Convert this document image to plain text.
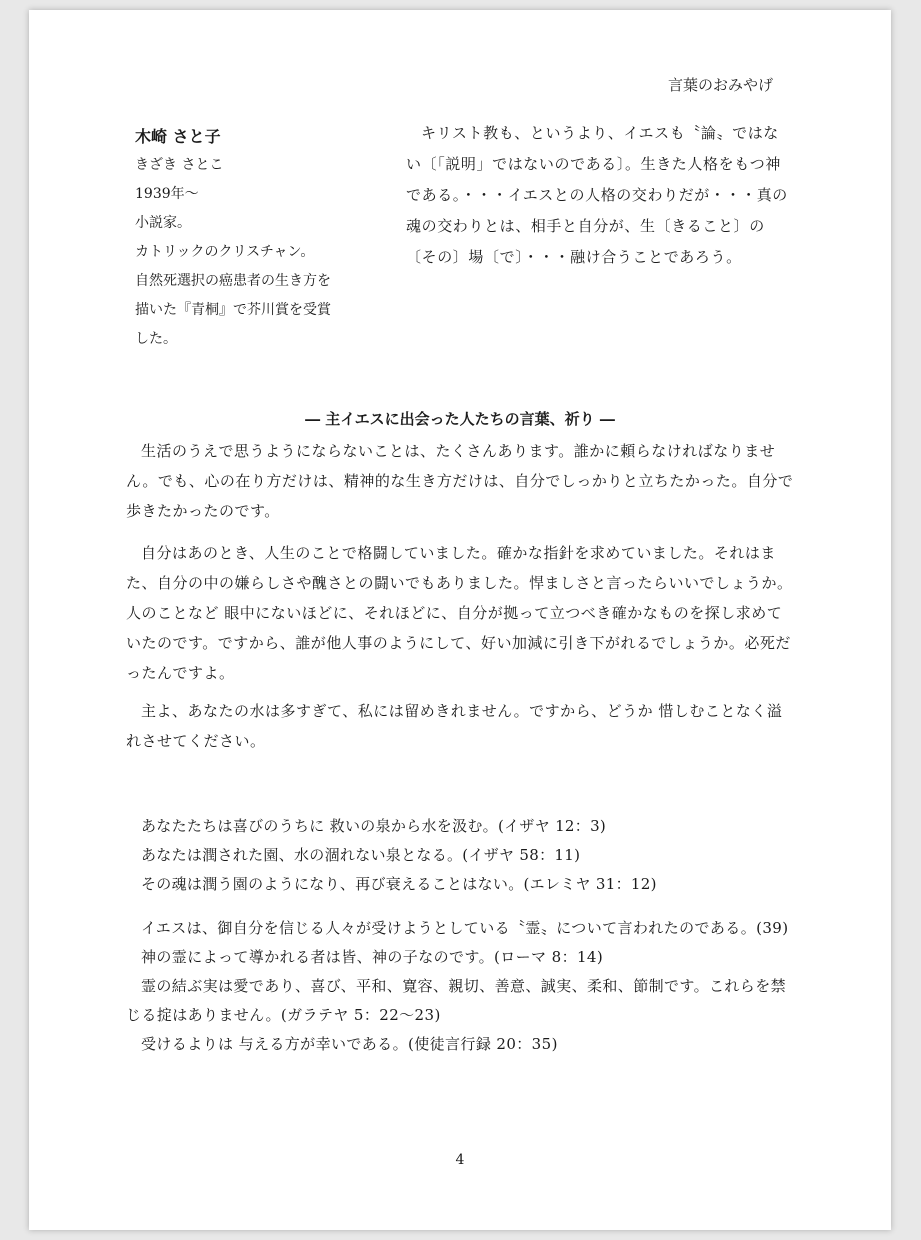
言葉のおみやげ
木崎 さと子
きざき さとこ
1939年～
小説家。
カトリックのクリスチャン。
自然死選択の癌患者の生き方を
描いた『青桐』で芥川賞を受賞
した。
キリスト教も、というより、イエスも〝論〟ではない〔「説明」ではないのである〕。生きた人格をもつ神である。・・・イエスとの人格の交わりだが・・・真の魂の交わりとは、相手と自分が、生〔きること〕の〔その〕場〔で〕・・・融け合うことであろう。
― 主イエスに出会った人たちの言葉、祈り ―

生活のうえで思うようにならないことは、たくさんあります。誰かに頼らなければなりません。でも、心の在り方だけは、精神的な生き方だけは、自分でしっかりと立ちたかった。自分で歩きたかったのです。

自分はあのとき、人生のことで格闘していました。確かな指針を求めていました。それはまた、自分の中の嫌らしさや醜さとの闘いでもありました。悍ましさと言ったらいいでしょうか。人のことなど 眼中にないほどに、それほどに、自分が拠って立つべき確かなものを探し求めていたのです。ですから、誰が他人事のようにして、好い加減に引き下がれるでしょうか。必死だったんですよ。

主よ、あなたの水は多すぎて、私には留めきれません。ですから、どうか 惜しむことなく溢れさせてください。

あなたたちは喜びのうちに 救いの泉から水を汲む。(イザヤ 12：3)
あなたは潤された園、水の涸れない泉となる。(イザヤ 58：11)
その魂は潤う園のようになり、再び衰えることはない。(エレミヤ 31：12)

イエスは、御自分を信じる人々が受けようとしている〝霊〟について言われたのである。(39)

神の霊によって導かれる者は皆、神の子なのです。(ローマ 8：14)

霊の結ぶ実は愛であり、喜び、平和、寛容、親切、善意、誠実、柔和、節制です。これらを禁じる掟はありません。(ガラテヤ 5：22～23)

受けるよりは 与える方が幸いである。(使徒言行録 20：35)

4
